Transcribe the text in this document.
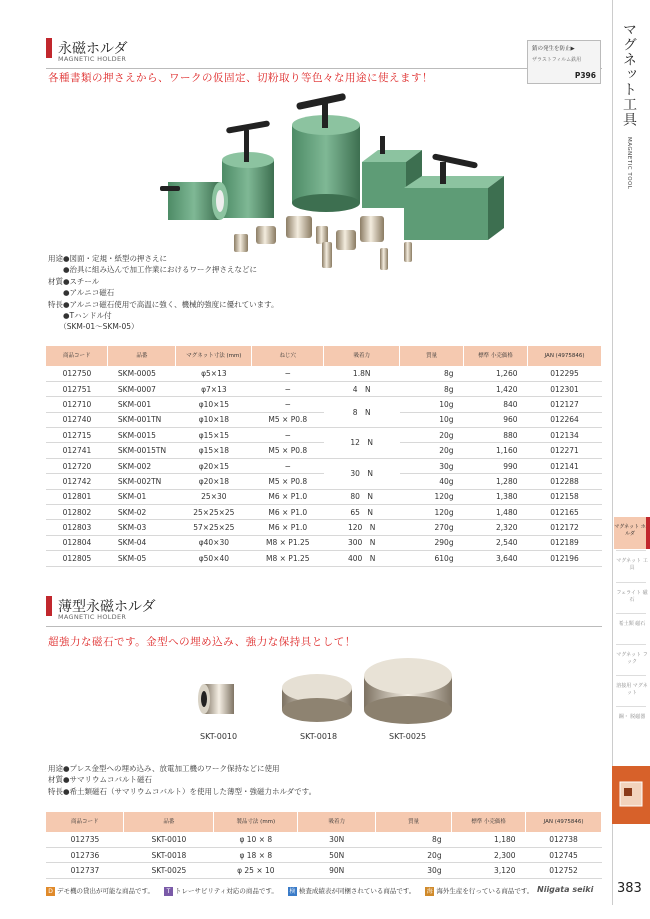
マグネット工具
MAGNETIC TOOL
マグネット ホルダ
マグネット 工具
フェライト 磁石
希土類 磁石
マグネット フック
溶接用 マグネット
鋼・ 脱磁器
永磁ホルダ
MAGNETIC HOLDER
錆の発生を防止▶
ザラストフィルム鉄用
P396
各種書類の押さえから、ワークの仮固定、切粉取り等色々な用途に使えます！
用途●図面・定規・紙型の押さえに
　　●治具に組み込んで加工作業におけるワーク押さえなどに
材質●スチール
　　●アルニコ磁石
特長●アルニコ磁石使用で高温に強く、機械的強度に優れています。
　　●Tハンドル付
　　（SKM-01～SKM-05）
商品コード	品番	マグネット寸法 (mm)	ねじ穴	吸着力	質量	標準 小売価格	JAN (4975846)
012750	SKM-0005	φ5×13	−	1.8N	8g	1,260	012295
012751	SKM-0007	φ7×13	−	4　N	8g	1,420	012301
012710	SKM-001	φ10×15	−	8　N	10g	840	012127
012740	SKM-001TN	φ10×18	M5 × P0.8		10g	960	012264
012715	SKM-0015	φ15×15	−	12　N	20g	880	012134
012741	SKM-0015TN	φ15×18	M5 × P0.8		20g	1,160	012271
012720	SKM-002	φ20×15	−	30　N	30g	990	012141
012742	SKM-002TN	φ20×18	M5 × P0.8		40g	1,280	012288
012801	SKM-01	25×30	M6 × P1.0	80　N	120g	1,380	012158
012802	SKM-02	25×25×25	M6 × P1.0	65　N	120g	1,480	012165
012803	SKM-03	57×25×25	M6 × P1.0	120　N	270g	2,320	012172
012804	SKM-04	φ40×30	M8 × P1.25	300　N	290g	2,540	012189
012805	SKM-05	φ50×40	M8 × P1.25	400　N	610g	3,640	012196
薄型永磁ホルダ
MAGNETIC HOLDER
超強力な磁石です。金型への埋め込み、強力な保持具として！
SKT-0010	SKT-0018	SKT-0025
用途●プレス金型への埋め込み、放電加工機のワーク保持などに使用
材質●サマリウムコバルト磁石
特長●希土類磁石（サマリウムコバルト）を使用した薄型・強磁力ホルダです。
商品コード	品番	製品寸法 (mm)	吸着力	質量	標準 小売価格	JAN (4975846)
012735	SKT-0010	φ 10 × 8	30N	8g	1,180	012738
012736	SKT-0018	φ 18 × 8	50N	20g	2,300	012745
012737	SKT-0025	φ 25 × 10	90N	30g	3,120	012752
D デモ機の貸出が可能な商品です。 T トレーサビリティ対応の商品です。 検 検査成績表が同梱されている商品です。 海 海外生産を行っている商品です。 Niigata seiki 383
